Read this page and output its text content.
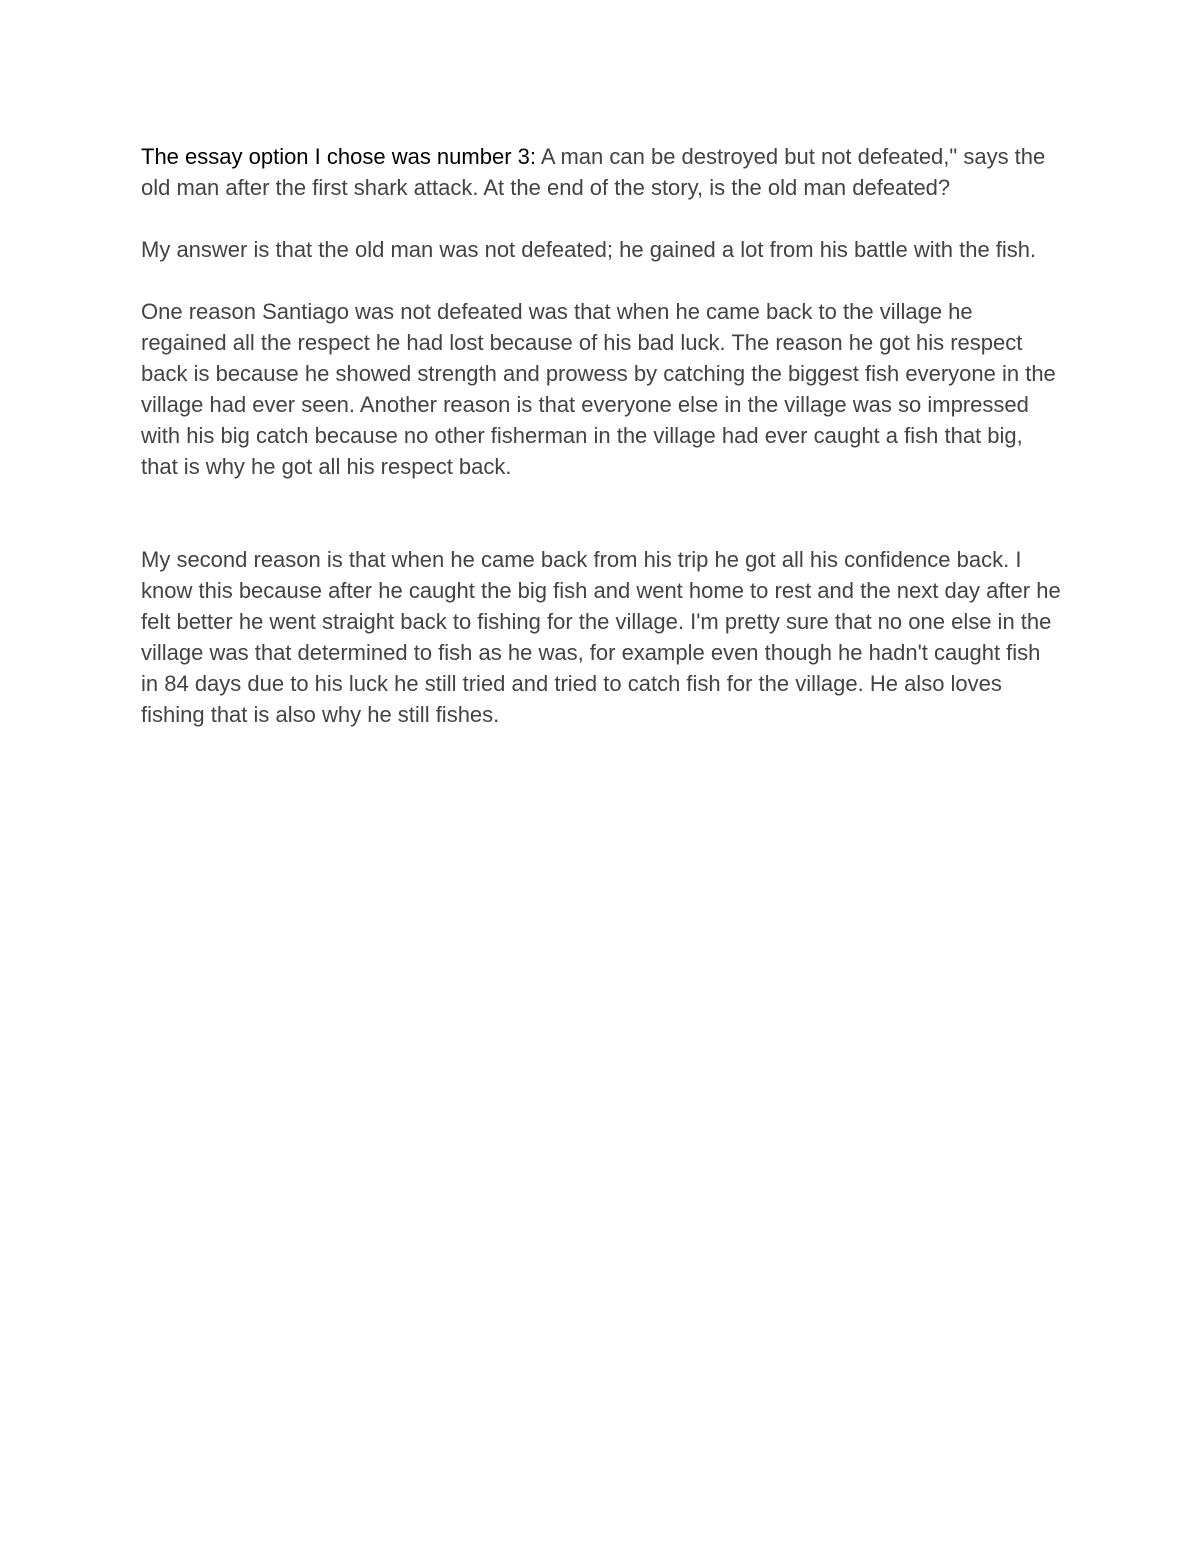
The essay option I chose was number 3: A man can be destroyed but not defeated," says the old man after the first shark attack. At the end of the story, is the old man defeated?

My answer is that the old man was not defeated; he gained a lot from his battle with the fish.

One reason Santiago was not defeated was that when he came back to the village he regained all the respect he had lost because of his bad luck. The reason he got his respect back is because he showed strength and prowess by catching the biggest fish everyone in the village had ever seen. Another reason is that everyone else in the village was so impressed with his big catch because no other fisherman in the village had ever caught a fish that big, that is why he got all his respect back.

My second reason is that when he came back from his trip he got all his confidence back. I know this because after he caught the big fish and went home to rest and the next day after he felt better he went straight back to fishing for the village. I'm pretty sure that no one else in the village was that determined to fish as he was, for example even though he hadn't caught fish in 84 days due to his luck he still tried and tried to catch fish for the village. He also loves fishing that is also why he still fishes.
